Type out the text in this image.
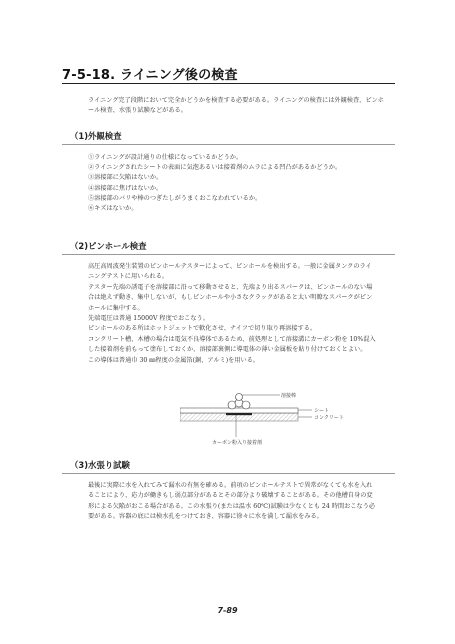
7-5-18. ライニング後の検査

ライニング完了段階において完全かどうかを検査する必要がある。ライニングの検査には外観検査、ピンホ
ール検査、水張り試験などがある。

（1)外観検査
①ライニングが設計通りの仕様になっているかどうか。
②ライニングされたシートの表面に気泡あるいは接着剤のムラによる凹凸があるかどうか。
③溶接部に欠陥はないか。
④溶接部に焦げはないか。
⑤溶接部のバリや棒のつぎたしがうまくおこなわれているか。
⑥キズはないか。
（2)ピンホール検査

高圧高周波発生装置のピンホールテスターによって、ピンホールを検出する。一般に金属タンクのライ
ニングテストに用いられる。
テスター先端の誘電子を溶接部に沿って移動させると、先端より出るスパークは、ピンホールのない場
合は絶えず動き、集中しないが、もしピンホールや小さなクラックがあると太い明瞭なスパークがピン
ホールに集中する。
先端電圧は普通 15000V 程度でおこなう。
ピンホールのある所はホットジェットで軟化させ、ナイフで切り取り再溶接する。
コンクリート槽、木槽の場合は電気不良導体であるため、前処理として溶接溝にカーボン粉を 10%混入
した接着剤を前もって塗布しておくか、溶接部裏側に導電体の薄い金属板を貼り付けておくとよい。
この導体は普通巾 30 ㎜程度の金属箔(銅、アルミ)を用いる。

溶接棒
シート
コンクリート
カーボン粉入り接着剤
（3)水張り試験

最後に実際に水を入れてみて漏水の有無を確める。前項のピンホールテストで異常がなくても水を入れ
ることにより、応力が働きもし弱点部分があるとその部分より破壊することがある。その他槽自身の変
形による欠陥がおこる場合がある。この水張り(または温水 60℃)試験は少なくとも 24 時間おこなう必
要がある。容器の底には検水孔をつけておき、容器に徐々に水を満して漏水をみる。

7-89
